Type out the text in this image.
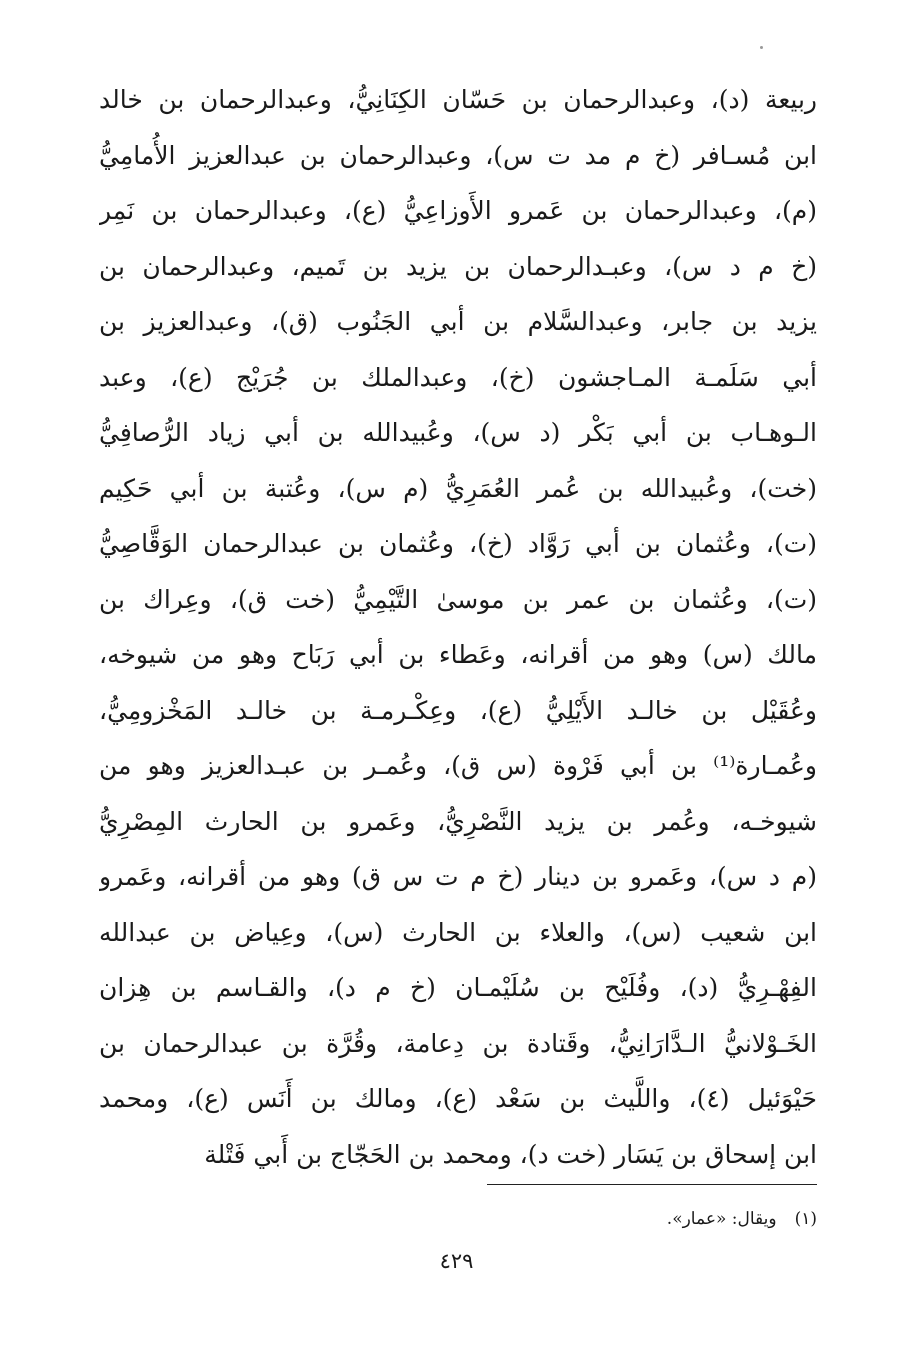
ربيعة (د)، وعبدالرحمان بن حَسّان الكِنَانِيُّ، وعبدالرحمان بن خالد
ابن مُسـافر (خ م مد ت س)، وعبدالرحمان بن عبدالعزيز الأُمامِيُّ
(م)، وعبدالرحمان بن عَمرو الأَوزاعِيُّ (ع)، وعبدالرحمان بن نَمِر
(خ م د س)، وعبـدالرحمان بن يزيد بن تَميم، وعبدالرحمان بن
يزيد بن جابر، وعبدالسَّلام بن أبي الجَنُوب (ق)، وعبدالعزيز بن
أبي سَلَمـة المـاجشون (خ)، وعبدالملك بن جُرَيْج (ع)، وعبد
الـوهـاب بن أبي بَكْر (د س)، وعُبيدالله بن أبي زياد الرُّصافِيُّ
(خت)، وعُبيدالله بن عُمر العُمَرِيُّ (م س)، وعُتبة بن أبي حَكِيم
(ت)، وعُثمان بن أبي رَوَّاد (خ)، وعُثمان بن عبدالرحمان الوَقَّاصِيُّ
(ت)، وعُثمان بن عمر بن موسىٰ التَّيْمِيُّ (خت ق)، وعِراك بن
مالك (س) وهو من أقرانه، وعَطاء بن أبي رَبَاح وهو من شيوخه،
وعُقَيْل بن خالـد الأَيْلِيُّ (ع)، وعِكْـرمـة بن خالـد المَخْزومِيُّ،
وعُمـارة⁽¹⁾ بن أبي فَرْوة (س ق)، وعُمـر بن عبـدالعزيز وهو من
شيوخـه، وعُمر بن يزيد النَّصْرِيُّ، وعَمرو بن الحارث المِصْرِيُّ
(م د س)، وعَمرو بن دينار (خ م ت س ق) وهو من أقرانه، وعَمرو
ابن شعيب (س)، والعلاء بن الحارث (س)، وعِياض بن عبدالله
الفِهْـرِيُّ (د)، وفُلَيْح بن سُلَيْمـان (خ م د)، والقـاسم بن هِزان
الخَـوْلانيُّ الـدَّارَانِيُّ، وقَتادة بن دِعامة، وقُرَّة بن عبدالرحمان بن
حَيْوَئيل (٤)، واللَّيث بن سَعْد (ع)، ومالك بن أَنَس (ع)، ومحمد
ابن إسحاق بن يَسَار (خت د)، ومحمد بن الحَجّاج بن أَبي فَتْلة
(١)ويقال: «عمار».
٤٢٩
